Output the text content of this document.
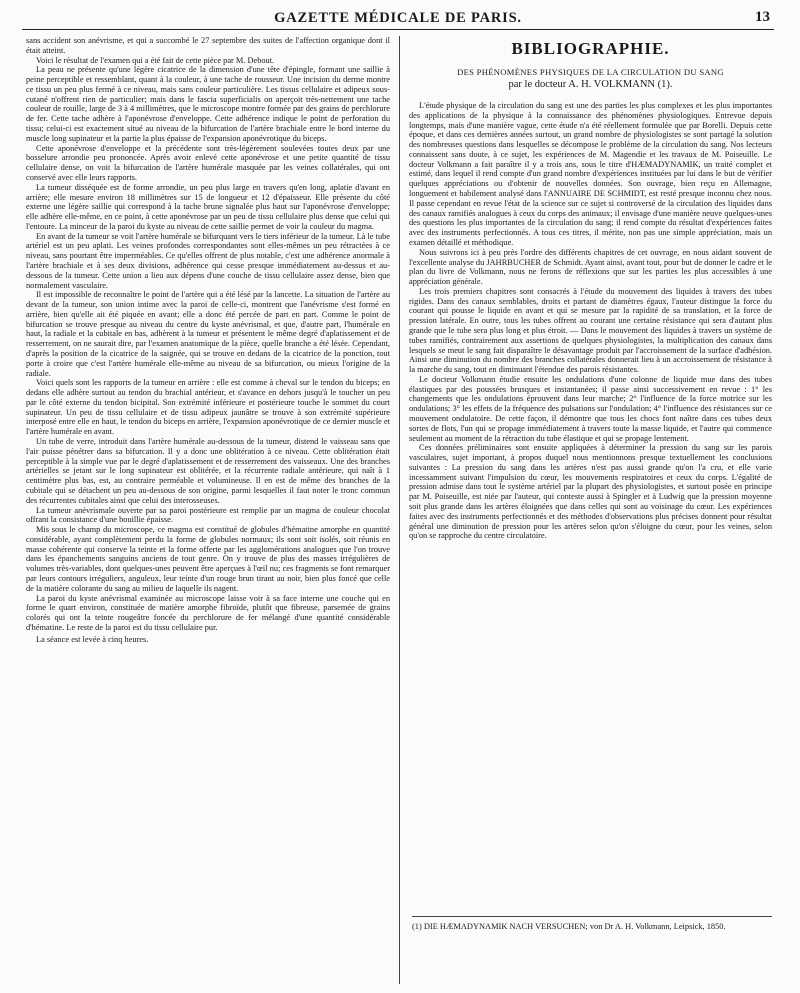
GAZETTE MÉDICALE DE PARIS.	13

sans accident son anévrisme, et qui a succombé le 27 septembre des suites de l'affection organique dont il était atteint.

Voici le résultat de l'examen qui a été fait de cette pièce par M. Debout.

La peau ne présente qu'une légère cicatrice de la dimension d'une tête d'épingle, formant une saillie à peine perceptible et ressemblant, quant à la couleur, à une tache de rousseur. Une incision du derme montre ce tissu un peu plus fermé à ce niveau, mais sans couleur particulière. Les tissus cellulaire et adipeux sous-cutané n'offrent rien de particulier; mais dans le fascia superficialis on aperçoit très-nettement une tache couleur de rouille, large de 3 à 4 millimètres, que le microscope montre formée par des grains de perchlorure de fer. Cette tache adhère à l'aponévrose d'enveloppe. Cette adhérence indique le point de perforation du tissu; celui-ci est exactement situé au niveau de la bifurcation de l'artère brachiale entre le bord interne du muscle long supinateur et la partie la plus épaisse de l'expansion aponévrotique du biceps.

Cette aponévrose d'enveloppe et la précédente sont très-légèrement soulevées toutes deux par une bosselure arrondie peu prononcée. Après avoir enlevé cette aponévrose et une petite quantité de tissu cellulaire dense, on voit la bifurcation de l'artère humérale masquée par les veines collatérales, qui ont conservé avec elle leurs rapports.

La tumeur disséquée est de forme arrondie, un peu plus large en travers qu'en long, aplatie d'avant en arrière; elle mesure environ 18 millimètres sur 15 de longueur et 12 d'épaisseur. Elle présente du côté externe une légère saillie qui correspond à la tache brune signalée plus haut sur l'aponévrose d'enveloppe; elle adhère elle-même, en ce point, à cette aponévrose par un peu de tissu cellulaire plus dense que celui qui l'entoure. La minceur de la paroi du kyste au niveau de cette saillie permet de voir la couleur du magma.

En avant de la tumeur se voit l'artère humérale se bifurquant vers le tiers inférieur de la tumeur. Là le tube artériel est un peu aplati. Les veines profondes correspondantes sont elles-mêmes un peu rétractées à ce niveau, sans pourtant être imperméables. Ce qu'elles offrent de plus notable, c'est une adhérence anormale à l'artère brachiale et à ses deux divisions, adhérence qui cesse presque immédiatement au-dessus et au-dessous de la tumeur. Cette union a lieu aux dépens d'une couche de tissu cellulaire assez dense, bien que normalement vasculaire.

Il est impossible de reconnaître le point de l'artère qui a été lésé par la lancette. La situation de l'artère au devant de la tumeur, son union intime avec la paroi de celle-ci, montrent que l'anévrisme s'est formé en arrière, bien qu'elle ait été piquée en avant; elle a donc été percée de part en part. Comme le point de bifurcation se trouve presque au niveau du centre du kyste anévrismal, et que, d'autre part, l'humérale en haut, la radiale et la cubitale en bas, adhèrent à la tumeur et présentent le même degré d'aplatissement et de resserrement, on ne saurait dire, par l'examen anatomique de la pièce, quelle branche a été lésée. Cependant, d'après la position de la cicatrice de la saignée, qui se trouve en dedans de la cicatrice de la ponction, tout porte à croire que c'est l'artère humérale elle-même au niveau de sa bifurcation, ou mieux l'origine de la radiale.

Voici quels sont les rapports de la tumeur en arrière : elle est comme à cheval sur le tendon du biceps; en dedans elle adhère surtout au tendon du brachial antérieur, et s'avance en dehors jusqu'à le toucher un peu par le côté externe du tendon bicipital. Son extrémité inférieure et postérieure touche le sommet du court supinateur. Un peu de tissu cellulaire et de tissu adipeux jaunâtre se trouve à son extrémité supérieure interposé entre elle en haut, le tendon du biceps en arrière, l'expansion aponévrotique de ce dernier muscle et l'artère humérale en avant.

Un tube de verre, introduit dans l'artère humérale au-dessous de la tumeur, distend le vaisseau sans que l'air puisse pénétrer dans sa bifurcation. Il y a donc une oblitération à ce niveau. Cette oblitération était perceptible à la simple vue par le degré d'aplatissement et de resserrement des vaisseaux. Une des branches artérielles se jetant sur le long supinateur est oblitérée, et la récurrente radiale antérieure, qui naît à 1 centimètre plus bas, est, au contraire perméable et volumineuse. Il en est de même des branches de la cubitale qui se détachent un peu au-dessous de son origine, parmi lesquelles il faut noter le tronc commun des récurrentes cubitales ainsi que celui des interosseuses.

La tumeur anévrismale ouverte par sa paroi postérieure est remplie par un magma de couleur chocolat offrant la consistance d'une bouillie épaisse.

Mis sous le champ du microscope, ce magma est constitué de globules d'hématine amorphe en quantité considérable, ayant complètement perdu la forme de globules normaux; ils sont soit isolés, soit réunis en masse cohérente qui conserve la teinte et la forme offerte par les agglomérations analogues que l'on trouve dans les épanchements sanguins anciens de tout genre. On y trouve de plus des masses irrégulières de volumes très-variables, dont quelques-unes peuvent être aperçues à l'œil nu; ces fragments se font remarquer par leurs contours irréguliers, anguleux, leur teinte d'un rouge brun tirant au noir, bien plus foncé que celle de la matière colorante du sang au milieu de laquelle ils nagent.

La paroi du kyste anévrismal examinée au microscope laisse voir à sa face interne une couche qui en forme le quart environ, constituée de matière amorphe fibroïde, plutôt que fibreuse, parsemée de grains colorés qui ont la teinte rougeâtre foncée du perchlorure de fer mélangé d'une quantité considérable d'hématine. Le reste de la paroi est du tissu cellulaire pur.

La séance est levée à cinq heures.

BIBLIOGRAPHIE.

DES PHÉNOMÈNES PHYSIQUES DE LA CIRCULATION DU SANG

par le docteur A. H. VOLKMANN (1).

L'étude physique de la circulation du sang est une des parties les plus complexes et les plus importantes des applications de la physique à la connaissance des phénomènes physiologiques. Entrevue depuis longtemps, mais d'une manière vague, cette étude n'a été réellement formulée que par Borelli. Depuis cette époque, et dans ces dernières années surtout, un grand nombre de physiologistes se sont partagé la solution des nombreuses questions dans lesquelles se décompose le problème de la circulation du sang. Nos lecteurs connaissent sans doute, à ce sujet, les expériences de M. Magendie et les travaux de M. Poiseuille. Le docteur Volkmann a fait paraître il y a trois ans, sous le titre d'HÆMADYNAMIK, un traité complet et estimé, dans lequel il rend compte d'un grand nombre d'expériences instituées par lui dans le but de vérifier quelques appréciations ou d'obtenir de nouvelles données. Son ouvrage, bien reçu en Allemagne, longuement et habilement analysé dans l'ANNUAIRE DE SCHMIDT, est resté presque inconnu chez nous. Il passe cependant en revue l'état de la science sur ce sujet si controversé de la circulation des liquides dans des canaux ramifiés analogues à ceux du corps des animaux; il envisage d'une manière neuve quelques-unes des questions les plus importantes de la circulation du sang; il rend compte du résultat d'expériences faites avec des instruments perfectionnés. A tous ces titres, il mérite, non pas une simple appréciation, mais un examen détaillé et méthodique.

Nous suivrons ici à peu près l'ordre des différents chapitres de cet ouvrage, en nous aidant souvent de l'excellente analyse du JAHRBUCHER de Schmidt. Ayant ainsi, avant tout, pour but de donner le cadre et le plan du livre de Volkmann, nous ne ferons de réflexions que sur les parties les plus accessibles à une appréciation générale.

Les trois premiers chapitres sont consacrés à l'étude du mouvement des liquides à travers des tubes rigides. Dans des canaux semblables, droits et partant de diamètres égaux, l'auteur distingue la force du courant qui pousse le liquide en avant et qui se mesure par la rapidité de sa translation, et la force de pression latérale. En outre, tous les tubes offrent au courant une certaine résistance qui sera d'autant plus grande que le tube sera plus long et plus étroit. — Dans le mouvement des liquides à travers un système de tubes ramifiés, contrairement aux assertions de quelques physiologistes, la multiplication des canaux dans lesquels se meut le sang fait disparaître le désavantage produit par l'accroissement de la surface d'adhésion. Ainsi une diminution du nombre des branches collatérales donnerait lieu à un accroissement de résistance à la marche du sang, tout en diminuant l'étendue des parois résistantes.

Le docteur Volkmann étudie ensuite les ondulations d'une colonne de liquide mue dans des tubes élastiques par des poussées brusques et instantanées; il passe ainsi successivement en revue : 1° les changements que les ondulations éprouvent dans leur marche; 2° l'influence de la force motrice sur les ondulations; 3° les effets de la fréquence des pulsations sur l'ondulation; 4° l'influence des résistances sur ce mouvement ondulatoire. De cette façon, il démontre que tous les chocs font naître dans ces tubes deux sortes de flots, l'un qui se propage immédiatement à travers toute la masse liquide, et l'autre qui commence seulement au moment de la rétraction du tube élastique et qui se propage lentement.

Ces données préliminaires sont ensuite appliquées à déterminer la pression du sang sur les parois vasculaires, sujet important, à propos duquel nous mentionnons presque textuellement les conclusions suivantes : La pression du sang dans les artères n'est pas aussi grande qu'on l'a cru, et elle varie incessamment suivant l'impulsion du cœur, les mouvements respiratoires et ceux du corps. L'égalité de pression admise dans tout le système artériel par la plupart des physiologistes, et surtout posée en principe par M. Poiseuille, est niée par l'auteur, qui conteste aussi à Spingler et à Ludwig que la pression moyenne soit plus grande dans les artères éloignées que dans celles qui sont au voisinage du cœur. Les expériences faites avec des instruments perfectionnés et des méthodes d'observations plus précises donnent pour résultat général une diminution de pression pour les artères selon qu'on s'éloigne du cœur, pour les veines, selon qu'on se rapproche du centre circulatoire.

(1) DIE HÆMADYNAMIK NACH VERSUCHEN; von Dr A. H. Volkmann, Leipsick, 1850.
